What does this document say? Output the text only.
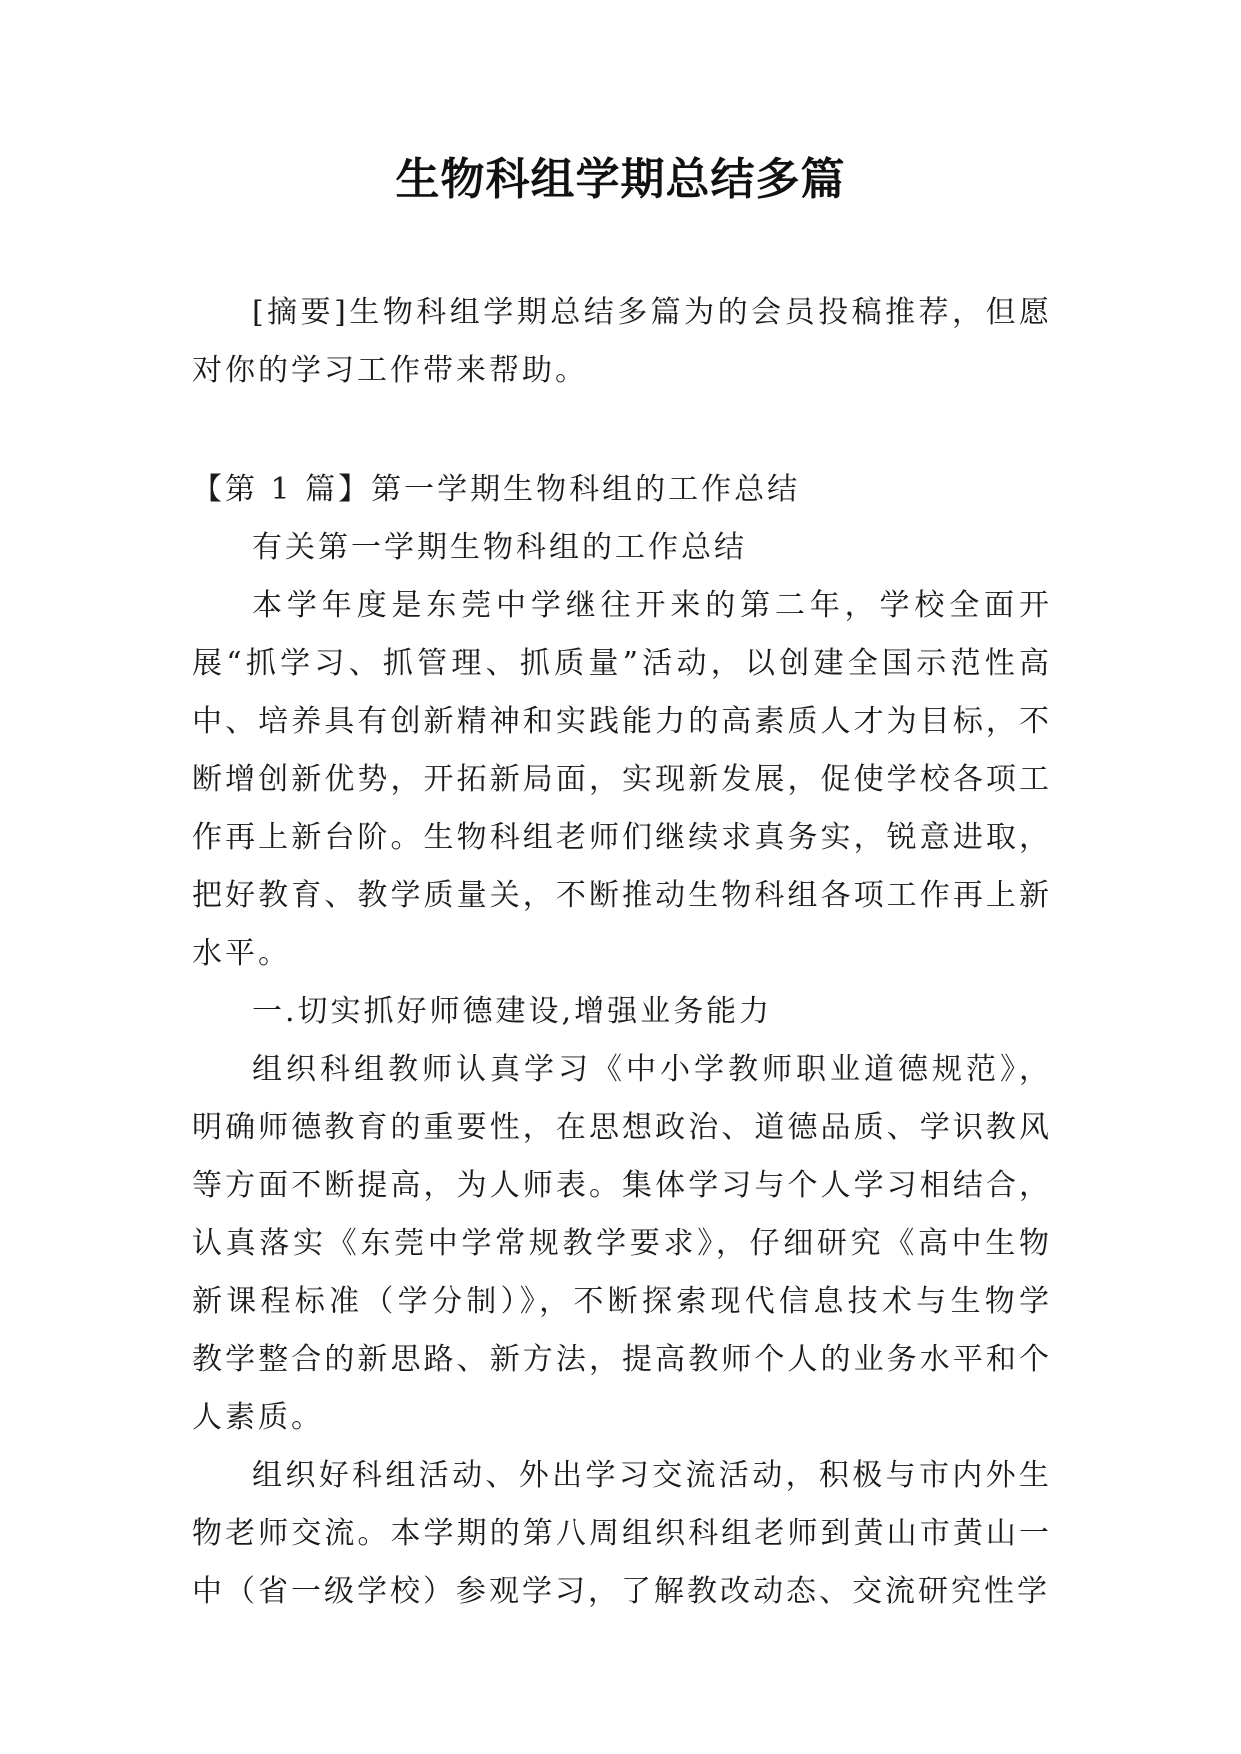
生物科组学期总结多篇

[摘要]生物科组学期总结多篇为的会员投稿推荐，但愿对你的学习工作带来帮助。

【第 1 篇】第一学期生物科组的工作总结

有关第一学期生物科组的工作总结

本学年度是东莞中学继往开来的第二年，学校全面开展“抓学习、抓管理、抓质量”活动，以创建全国示范性高中、培养具有创新精神和实践能力的高素质人才为目标，不断增创新优势，开拓新局面，实现新发展，促使学校各项工作再上新台阶。生物科组老师们继续求真务实，锐意进取，把好教育、教学质量关，不断推动生物科组各项工作再上新水平。

一.切实抓好师德建设,增强业务能力

组织科组教师认真学习《中小学教师职业道德规范》，明确师德教育的重要性，在思想政治、道德品质、学识教风等方面不断提高，为人师表。集体学习与个人学习相结合，认真落实《东莞中学常规教学要求》，仔细研究《高中生物新课程标准（学分制）》，不断探索现代信息技术与生物学教学整合的新思路、新方法，提高教师个人的业务水平和个人素质。

组织好科组活动、外出学习交流活动，积极与市内外生物老师交流。本学期的第八周组织科组老师到黄山市黄山一中（省一级学校）参观学习，了解教改动态、交流研究性学
